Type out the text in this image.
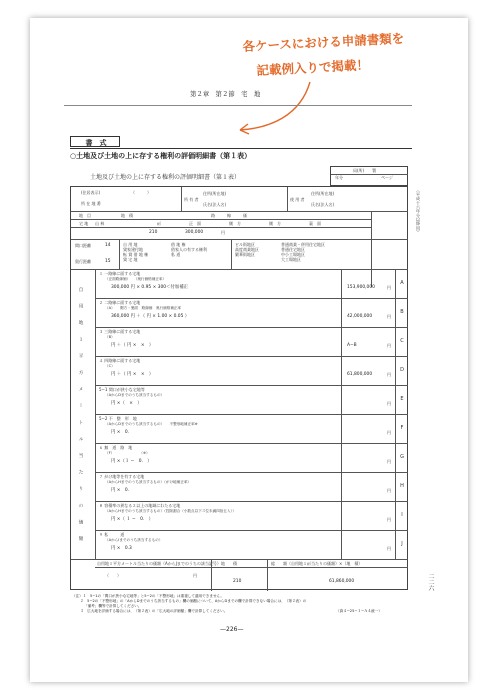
各ケースにおける申請書類を
記載例入りで掲載！
第２章　第２節　宅　地
書　式
○土地及び土地の上に存する権利の評価明細書（第１表）
土地及び土地の上に存する権利の評価明細書（第１表）
局(所)　　署
年分	ページ
（平成十六年分以降用）
(住居表示)	（　　　）
所 在 地 番
所 有 者
住所(所在地)
氏名(法人名)
使 用 者
住所(所在地)
氏名(法人名)
地　目	地　積	路　　　線　　　価
宅 地 山 林	㎡	正　面	側　方	側　方	裏　面
210	300,000	円
間口距離	14
奥行距離	15
自 用 地
貸家建付地
転 貸 借 地 権
貸 宅 地
借 地 権
借家人の有する権利
私 道
ビル街地区
高度商業地区
繁華街地区
普通商業・併用住宅地区
普通住宅地区
中小工場地区
大工場地区
自用地１平方メートル当たりの価額
１ 一路線に面する宅地
（正面路線価）　　（奥行価格補正率）
300,000 円 × 0.95 × 300＜付加補正	153,900,000	円
A
２ 二路線に面する宅地
（A）　　側方・裏面　路線価　奥行価格補正率
360,000 円 ＋（ 円 × 1.00 × 0.05 ）	42,000,000	円
B
３ 三路線に面する宅地
（B）
円 ＋（ 円 ×　×　）	A−B	円
C
４ 四路線に面する宅地
（C）
円 ＋（ 円 ×　×　）	61,800,000	円
D
5−1 間口が狭小な宅地等
（AからDまでのうち該当するもの）
円 ×（　×　）	円
E
5−2 不　整　形　地
（AからDまでのうち該当するもの）　　不整形地補正率※
円 ×　0.	円
F
６ 無　道　路　地
（F）　　　　　　　　（※）
円 ×（１ −　0.　）	円
G
７ がけ地等を有する宅地
（AからHまでのうち該当するもの）（がけ地補正率）
円 ×　0.	円
H
８ 容積率の異なる２以上の地域にわたる宅地
（AからHまでのうち該当するもの）（控除割合（小数点以下３位未満四捨五入））
円 ×（ １ −　0.　）	円
I
９ 私　　　道
（AからIまでのうち該当するもの）
円 ×　0.3	円
J
自用地１平方メートル当たりの価額（AからJまでのうちの該当記号） 地　　積	総　　額（自用地１㎡当たりの価額）×（地　積）
（　　）	円
210	61,860,000
（注）１　5−1の「間口が狭小な宅地等」と5−2の「不整形地」は重複して適用できません。
２　5−2の「不整形地」の「AからDまでのうち該当するもの」欄の価額について、AからDまでの欄で計算できない場合には、（第２表）の
「備考」欄等で計算してください。
３　広大地を評価する場合には、（第２表）の「広大地の評価額」欄で計算してください。	（資４−25−１−Ａ４統一）
—226—
二二六
